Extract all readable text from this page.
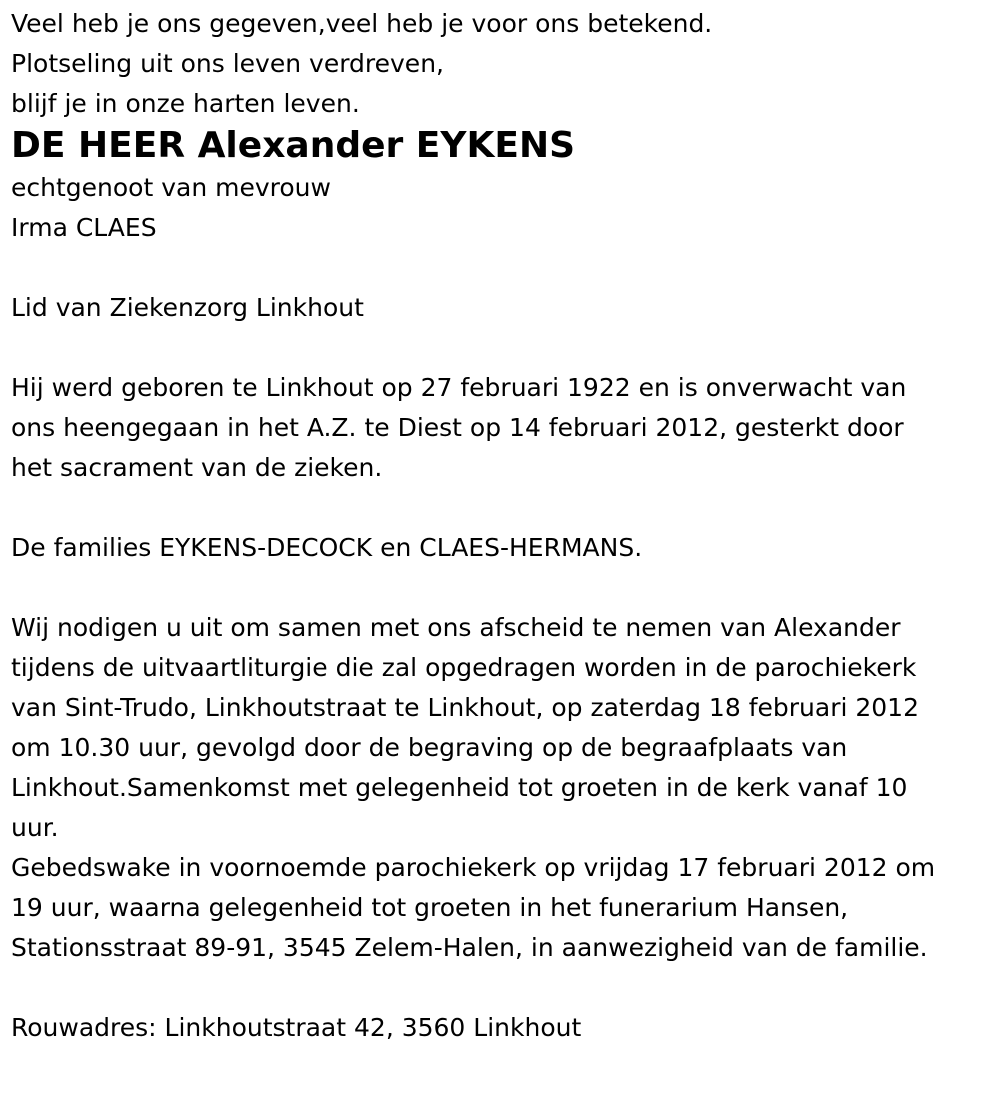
Veel heb je ons gegeven,veel heb je voor ons betekend.
Plotseling uit ons leven verdreven,
blijf je in onze harten leven.

DE HEER Alexander EYKENS

echtgenoot van mevrouw
Irma CLAES

Lid van Ziekenzorg Linkhout

Hij werd geboren te Linkhout op 27 februari 1922 en is onverwacht van
ons heengegaan in het A.Z. te Diest op 14 februari 2012, gesterkt door
het sacrament van de zieken.

De families EYKENS-DECOCK en CLAES-HERMANS.

Wij nodigen u uit om samen met ons afscheid te nemen van Alexander
tijdens de uitvaartliturgie die zal opgedragen worden in de parochiekerk
van Sint-Trudo, Linkhoutstraat te Linkhout, op zaterdag 18 februari 2012
om 10.30 uur, gevolgd door de begraving op de begraafplaats van
Linkhout.Samenkomst met gelegenheid tot groeten in de kerk vanaf 10
uur.

Gebedswake in voornoemde parochiekerk op vrijdag 17 februari 2012 om
19 uur, waarna gelegenheid tot groeten in het funerarium Hansen,
Stationsstraat 89-91, 3545 Zelem-Halen, in aanwezigheid van de familie.

Rouwadres: Linkhoutstraat 42, 3560 Linkhout
